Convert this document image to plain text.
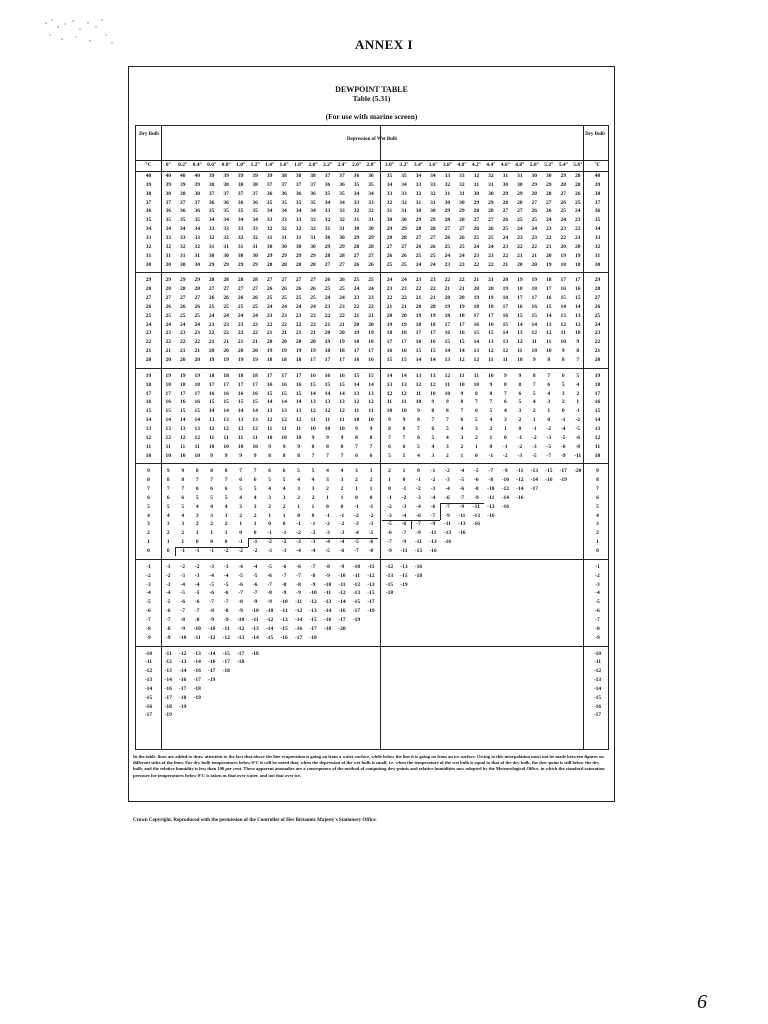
ANNEX I
DEWPOINT TABLE
Table (5.31)
(For use with marine screen)
Dry Bulb
Depression of Wet Bulb
Dry Bulb
°C	0°	0.2° 0.4° 0.6° 0.8° 1.0° 1.2° 1.4° 1.6° 1.8° 2.0° 2.2° 2.4° 2.6° 2.8°	3.0° 3.2° 3.4° 3.6° 3.8° 4.0° 4.2° 4.4° 4.6° 4.8° 5.0° 5.2° 5.4° 5.6°	°C
40	40	40	40	39	39	39	39	39	38	38	38	37	37	36	36	35	35	34	34	33	33	32	32	31	31	30	30	29	28	40
39	39	39	39	38	38	38	38	37	37	37	37	36	36	35	35	34	34	33	33	32	32	31	31	30	30	29	29	28	28	39
38	38	38	38	37	37	37	37	36	36	36	36	35	35	34	34	33	33	32	32	31	31	30	30	29	29	28	28	27	26	38
37	37	37	37	36	36	36	36	35	35	35	35	34	34	33	33	32	32	31	31	30	30	29	29	28	28	27	27	26	25	37
36	36	36	36	35	35	35	35	34	34	34	34	33	33	32	32	31	31	30	30	29	29	28	28	27	27	26	26	25	24	36
35	35	35	35	34	34	34	34	33	33	33	33	32	32	31	31	30	30	29	29	28	28	27	27	26	25	25	24	24	23	35
34	34	34	34	33	33	33	33	32	32	32	32	31	31	30	30	29	29	28	28	27	27	26	26	25	24	24	23	23	22	34
33	33	33	33	32	32	32	32	31	31	31	31	30	30	29	29	28	28	27	27	26	26	25	25	24	23	23	22	22	21	33
32	32	32	32	31	31	31	31	30	30	30	30	29	29	28	28	27	27	26	26	25	25	24	24	23	22	22	21	20	20	32
31	31	31	31	30	30	30	30	29	29	29	29	28	28	27	27	26	26	25	25	24	24	23	23	22	21	21	20	19	19	31
30	30	30	30	29	29	29	29	28	28	28	28	27	27	26	26	25	25	24	24	23	23	22	22	21	20	20	19	18	18	30
29	29	29	29	28	28	28	28	27	27	27	27	26	26	25	25	24	24	23	23	22	22	21	21	20	19	19	18	17	17	29
28	28	28	28	27	27	27	27	26	26	26	26	25	25	24	24	23	23	22	22	21	21	20	20	19	18	18	17	16	16	28
27	27	27	27	26	26	26	26	25	25	25	25	24	24	23	23	22	22	21	21	20	20	19	19	18	17	17	16	15	15	27
26	26	26	26	25	25	25	25	24	24	24	24	23	23	22	22	21	21	20	20	19	19	18	18	17	16	16	15	14	14	26
25	25	25	25	24	24	24	24	23	23	23	23	22	22	21	21	20	20	19	19	18	18	17	17	16	15	15	14	13	13	25
24	24	24	24	23	23	23	23	22	22	22	22	21	21	20	20	19	19	18	18	17	17	16	16	15	14	14	13	12	12	24
23	23	23	23	22	22	22	22	21	21	21	21	20	20	19	19	18	18	17	17	16	16	15	15	14	13	12	12	11	10	23
22	22	22	22	21	21	21	21	20	20	20	20	19	19	18	18	17	17	16	16	15	15	14	13	13	12	11	11	10	9	22
21	21	21	21	20	20	20	20	19	19	19	19	18	18	17	17	16	16	15	15	14	14	13	12	12	11	10	10	9	8	21
20	20	20	20	19	19	19	19	18	18	18	17	17	17	16	16	15	15	14	14	13	12	12	11	11	10	9	8	8	7	20
19	19	19	19	18	18	18	18	17	17	17	16	16	16	15	15	14	14	13	13	12	11	11	10	9	9	8	7	6	5	19
18	18	18	18	17	17	17	17	16	16	16	15	15	15	14	14	13	13	12	12	11	10	10	9	8	8	7	6	5	4	18
17	17	17	17	16	16	16	16	15	15	15	14	14	14	13	13	12	12	11	10	10	9	8	8	7	6	5	4	3	2	17
16	16	16	16	15	15	15	15	14	14	14	13	13	13	12	12	11	11	10	9	9	8	7	7	6	5	4	3	2	1	16
15	15	15	15	14	14	14	14	13	13	13	12	12	12	11	11	10	10	9	8	8	7	6	5	4	3	2	1	0	-1	15
14	14	14	14	13	13	13	13	12	12	12	11	11	11	10	10	9	9	8	7	7	6	5	4	3	2	1	0	-1	-2	14
13	13	13	13	12	12	12	12	11	11	11	10	10	10	9	9	8	8	7	6	5	4	3	2	1	0	-1	-2	-4	-5	13
12	12	12	12	11	11	11	11	10	10	10	9	9	9	8	8	7	7	6	5	4	3	2	1	0	-1	-2	-3	-5	-6	12
11	11	11	11	10	10	10	10	9	9	9	8	8	8	7	7	6	6	5	4	3	2	1	0	-1	-2	-3	-5	-6	-8	11
10	10	10	10	9	9	9	9	8	8	8	7	7	7	6	6	5	5	4	3	2	1	0	-1	-2	-3	-5	-7	-9	-11	10
9	9	9	8	8	8	7	7	6	6	5	5	4	4	3	3	2	1	0	-1	-2	-4	-5	-7	-9	-11	-13	-15	-17	-20	9
8	8	8	7	7	7	6	6	5	5	4	4	3	3	2	2	1	0	-1	-2	-3	-5	-6	-8	-10	-12	-14	-16	-19	8
7	7	7	6	6	6	5	5	4	4	3	3	2	2	1	1	0	-1	-2	-3	-4	-6	-8	-10	-12	-14	-17	7
6	6	6	5	5	5	4	4	3	3	2	2	1	1	0	0	-1	-2	-3	-4	-6	-7	-9	-11	-14	-16	6
5	5	5	4	4	4	3	3	2	2	1	1	0	0	-1	-1	-2	-3	-4	-6	-7	-9	-11	-13	-16	5
4	4	4	3	3	3	2	2	1	1	0	0	-1	-1	-2	-2	-3	-4	-6	-7	-9	-11	-13	-16	4
3	3	3	2	2	2	1	1	0	0	-1	-1	-2	-2	-3	-3	-5	-6	-7	-9	-11	-13	-16	3
2	2	2	1	1	1	0	0	-1	-1	-2	-2	-3	-3	-4	-5	-6	-7	-9	-11	-13	-16	2
1	1	1	0	0	0	-1	-1	-2	-2	-3	-3	-4	-4	-5	-6	-7	-9	-11	-13	-16	1
0	0	-1	-1	-1	-2	-2	-2	-3	-3	-4	-4	-5	-6	-7	-8	-9	-11	-13	-16	0
-1	-1	-2	-2	-3	-3	-4	-4	-5	-6	-6	-7	-8	-9	-10	-11	-12	-13	-16	-1
-2	-2	-3	-3	-4	-4	-5	-5	-6	-7	-7	-8	-9	-10	-11	-12	-13	-15	-18	-2
-3	-3	-4	-4	-5	-5	-6	-6	-7	-8	-8	-9	-10	-11	-12	-13	-15	-19	-3
-4	-4	-5	-5	-6	-6	-7	-7	-8	-9	-9	-10	-11	-12	-13	-15	-18	-4
-5	-5	-6	-6	-7	-7	-8	-9	-9	-10	-11	-12	-13	-14	-15	-17	-5
-6	-6	-7	-7	-8	-8	-9	-10	-10	-11	-12	-13	-14	-16	-17	-19	-6
-7	-7	-8	-8	-9	-9	-10	-11	-12	-13	-14	-15	-16	-17	-19	-7
-8	-8	-9	-10	-10	-11	-12	-13	-14	-15	-16	-17	-18	-20	-8
-9	-9	-10	-11	-12	-12	-13	-14	-15	-16	-17	-18	-9
-10	-11	-12	-13	-14	-15	-17	-18	-10
-11	-12	-13	-14	-16	-17	-18	-11
-12	-13	-14	-16	-17	-18	-12
-13	-14	-16	-17	-19	-13
-14	-16	-17	-18	-14
-15	-17	-18	-19	-15
-16	-18	-19	-16
-17	-19	-17
In the table, lines are added to draw attention to the fact that above the line evaporation is going on from a water surface, while below the line it is going on from an ice surface. Owing to this interpolation must not be made between figures on different sides of the lines. For dry bulb temperatures below 0°C it will be noted that, when the depression of the wet bulb is small, i.e. when the temperature of the wet bulb is equal to that of the dry bulb, the dew-point is still below the dry bulb, and the relative humidity is less than 100 per cent. These apparent anomalies are a consequence of the method of computing dew-points and relative humidities now adopted by the Meteorological Office, in which the standard saturation pressure for temperatures below 0°C is taken as that over water, and not that over ice.
Crown Copyright. Reproduced with the permission of the Controller of Her Britannic Majesty's Stationery Office.
6
